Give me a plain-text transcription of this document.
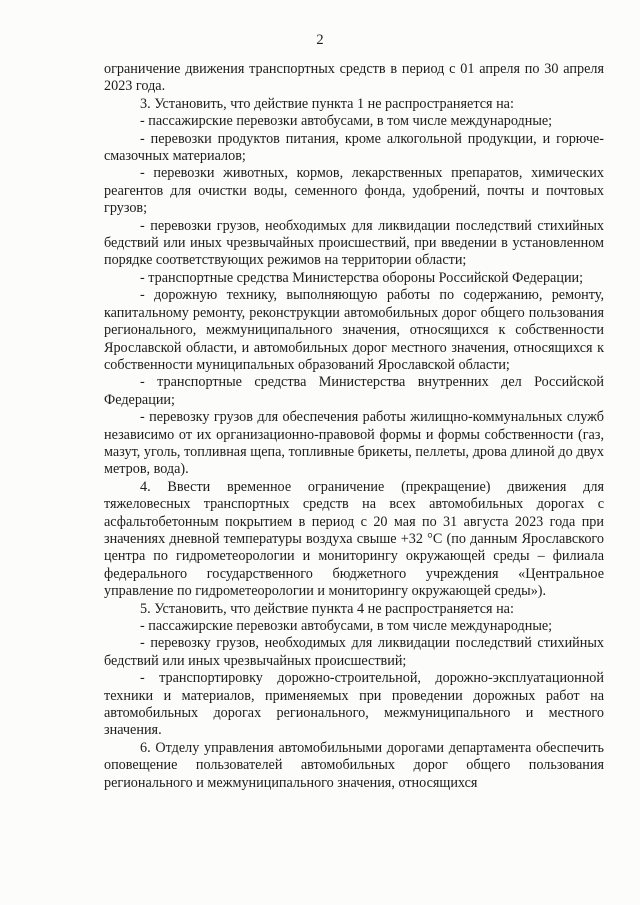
2

ограничение движения транспортных средств в период с 01 апреля по 30 апреля 2023 года.

3. Установить, что действие пункта 1 не распространяется на:

- пассажирские перевозки автобусами, в том числе международные;

- перевозки продуктов питания, кроме алкогольной продукции, и горюче-смазочных материалов;

- перевозки животных, кормов, лекарственных препаратов, химических реагентов для очистки воды, семенного фонда, удобрений, почты и почтовых грузов;

- перевозки грузов, необходимых для ликвидации последствий стихийных бедствий или иных чрезвычайных происшествий, при введении в установленном порядке соответствующих режимов на территории области;

- транспортные средства Министерства обороны Российской Федерации;

- дорожную технику, выполняющую работы по содержанию, ремонту, капитальному ремонту, реконструкции автомобильных дорог общего пользования регионального, межмуниципального значения, относящихся к собственности Ярославской области, и автомобильных дорог местного значения, относящихся к собственности муниципальных образований Ярославской области;

- транспортные средства Министерства внутренних дел Российской Федерации;

- перевозку грузов для обеспечения работы жилищно-коммунальных служб независимо от их организационно-правовой формы и формы собственности (газ, мазут, уголь, топливная щепа, топливные брикеты, пеллеты, дрова длиной до двух метров, вода).

4. Ввести временное ограничение (прекращение) движения для тяжеловесных транспортных средств на всех автомобильных дорогах с асфальтобетонным покрытием в период с 20 мая по 31 августа 2023 года при значениях дневной температуры воздуха свыше +32 °С (по данным Ярославского центра по гидрометеорологии и мониторингу окружающей среды – филиала федерального государственного бюджетного учреждения «Центральное управление по гидрометеорологии и мониторингу окружающей среды»).

5. Установить, что действие пункта 4 не распространяется на:

- пассажирские перевозки автобусами, в том числе международные;

- перевозку грузов, необходимых для ликвидации последствий стихийных бедствий или иных чрезвычайных происшествий;

- транспортировку дорожно-строительной, дорожно-эксплуатационной техники и материалов, применяемых при проведении дорожных работ на автомобильных дорогах регионального, межмуниципального и местного значения.

6. Отделу управления автомобильными дорогами департамента обеспечить оповещение пользователей автомобильных дорог общего пользования регионального и межмуниципального значения, относящихся
